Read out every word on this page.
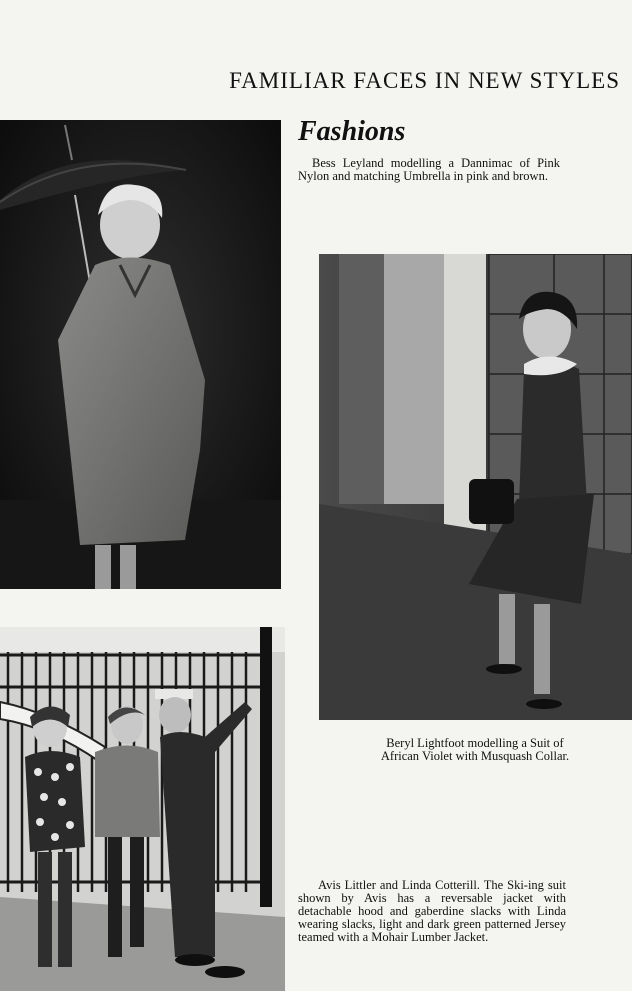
FAMILIAR FACES IN NEW STYLES
Fashions

Bess Leyland modelling a Dannimac of Pink Nylon and matching Umbrella in pink and brown.

Beryl Lightfoot modelling a Suit of
African Violet with Musquash Collar.

Avis Littler and Linda Cotterill. The Ski-ing suit shown by Avis has a reversable jacket with detachable hood and gaberdine slacks with Linda wearing slacks, light and dark green patterned Jersey teamed with a Mohair Lumber Jacket.
